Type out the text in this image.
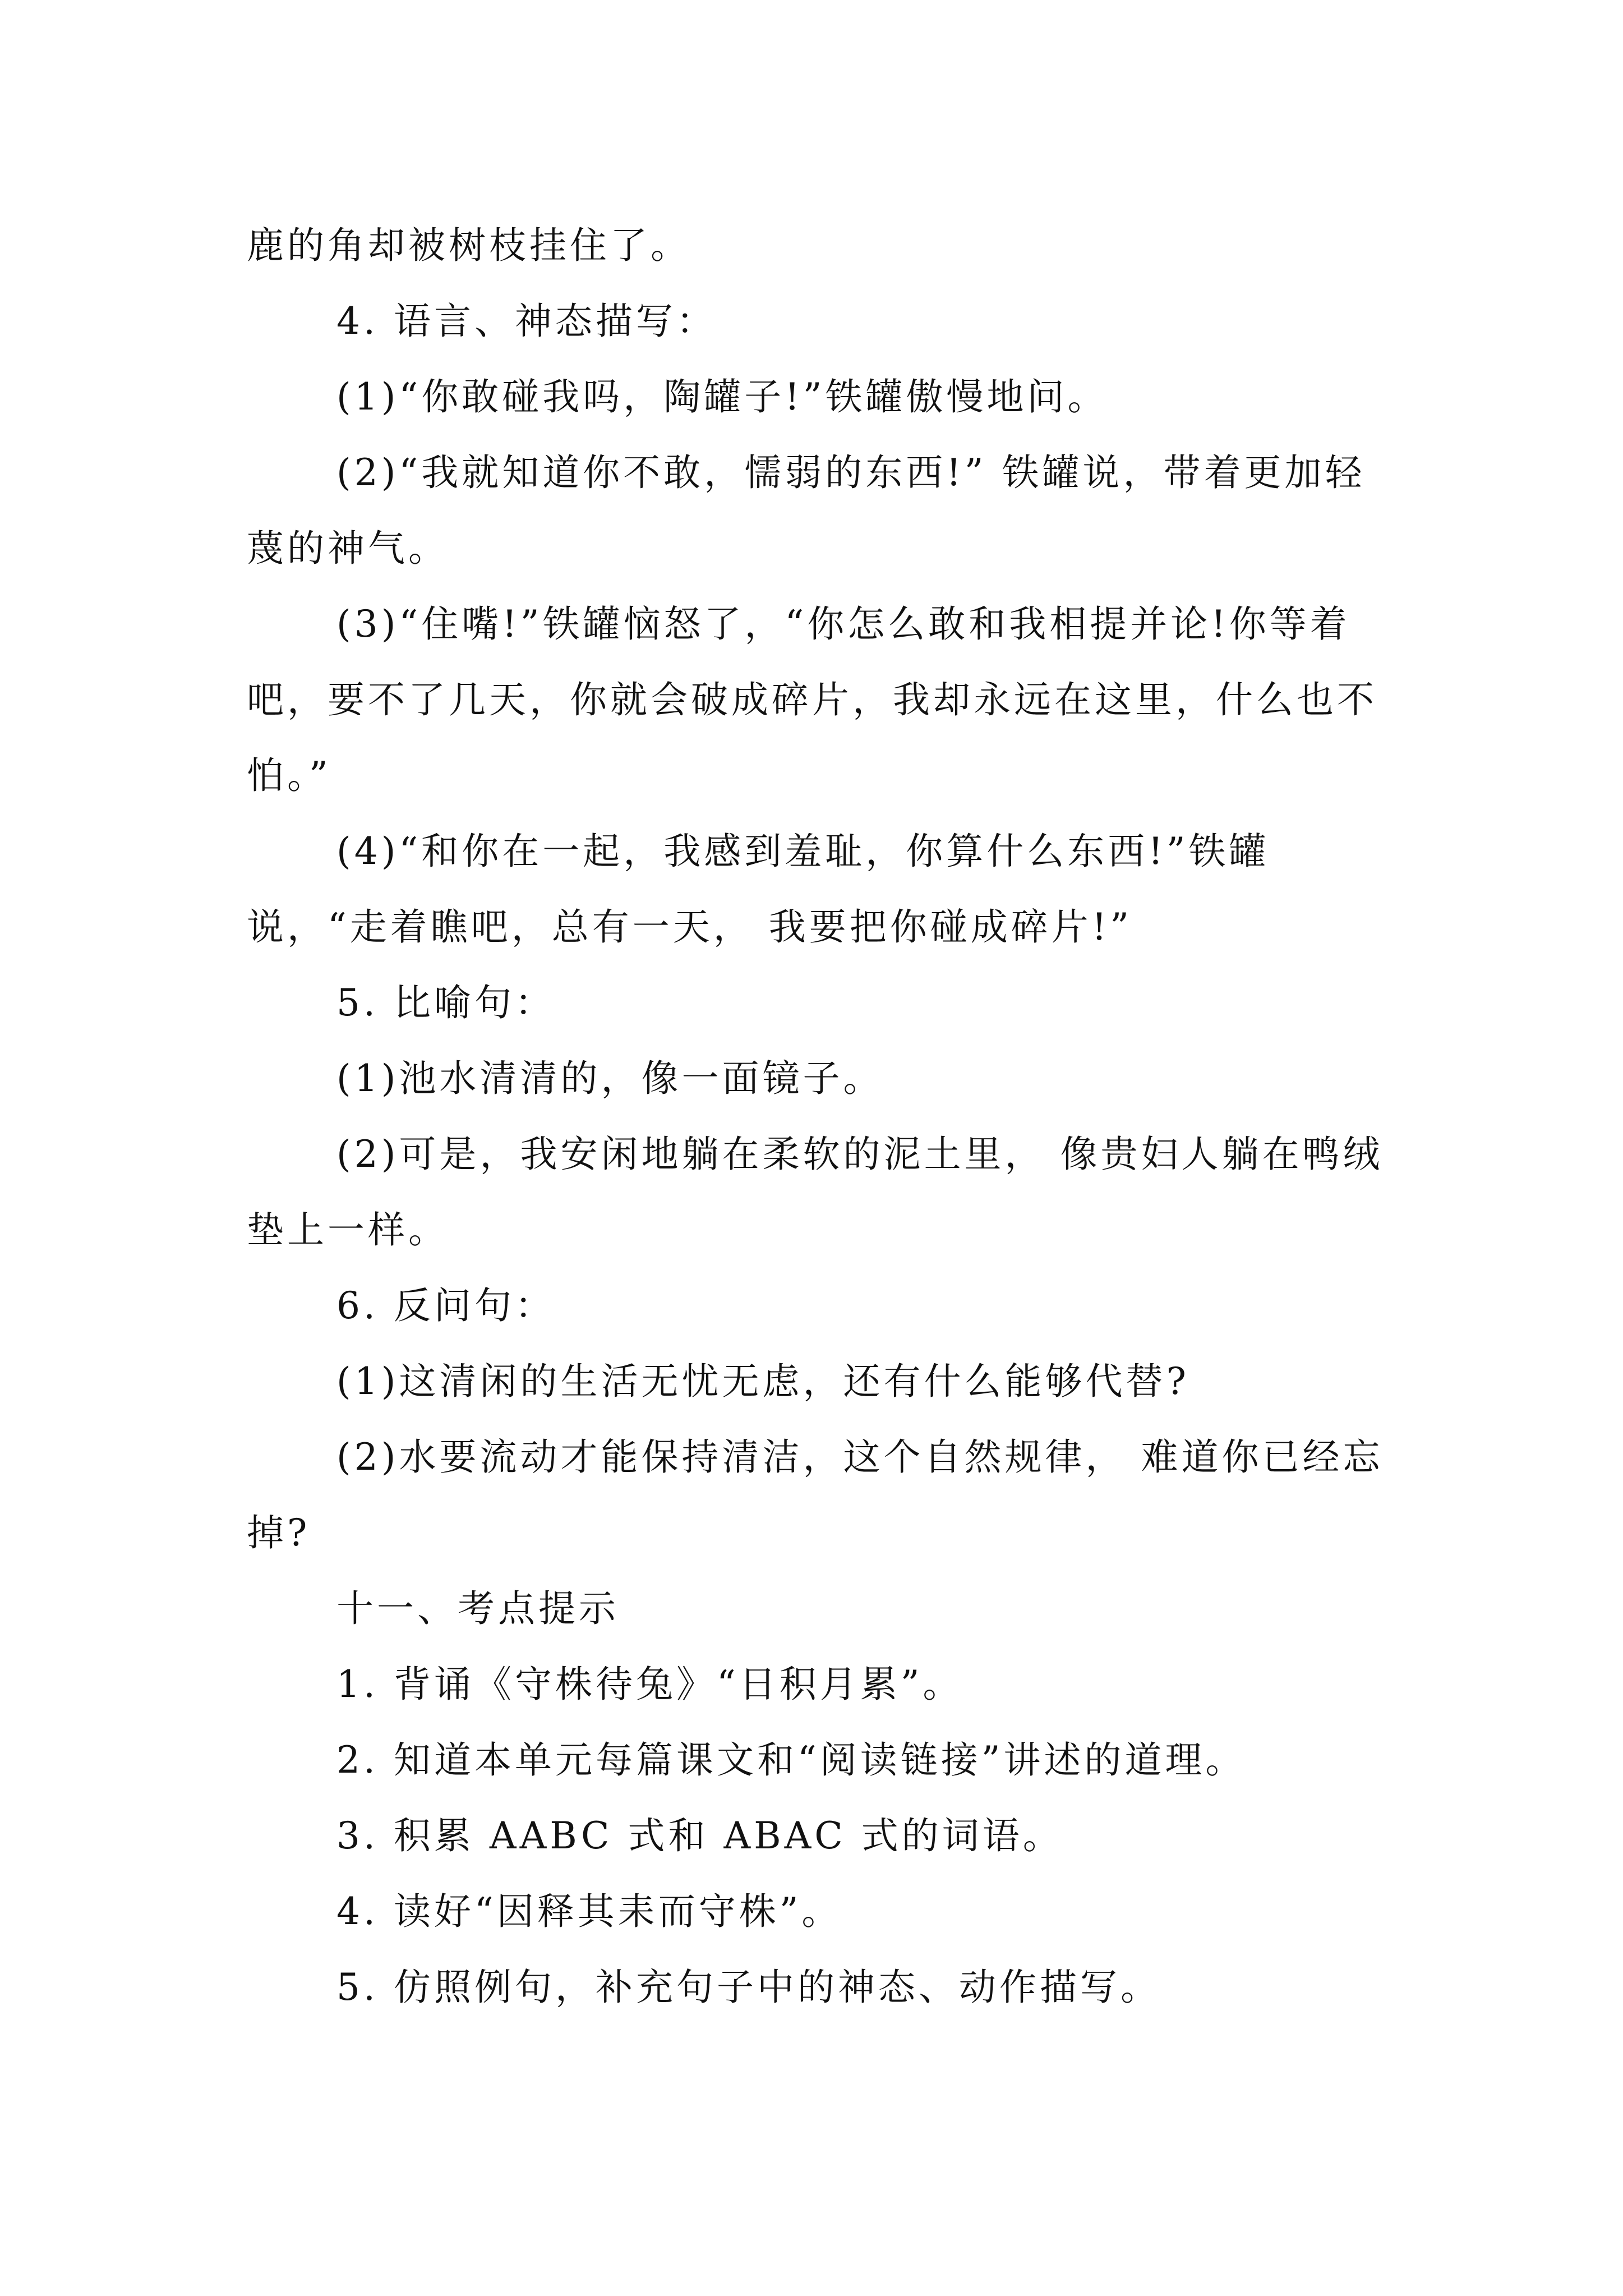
鹿的角却被树枝挂住了。

4. 语言、神态描写：

(1)“你敢碰我吗，陶罐子!”铁罐傲慢地问。

(2)“我就知道你不敢，懦弱的东西!” 铁罐说，带着更加轻蔑的神气。

(3)“住嘴!”铁罐恼怒了，“你怎么敢和我相提并论!你等着吧，要不了几天，你就会破成碎片，我却永远在这里，什么也不怕。”

(4)“和你在一起，我感到羞耻，你算什么东西!”铁罐说，“走着瞧吧，总有一天， 我要把你碰成碎片!”

5. 比喻句：

(1)池水清清的，像一面镜子。

(2)可是，我安闲地躺在柔软的泥土里， 像贵妇人躺在鸭绒垫上一样。

6. 反问句：

(1)这清闲的生活无忧无虑，还有什么能够代替?

(2)水要流动才能保持清洁，这个自然规律， 难道你已经忘掉?

十一、考点提示

1. 背诵《守株待兔》“日积月累”。

2. 知道本单元每篇课文和“阅读链接”讲述的道理。

3. 积累 AABC 式和 ABAC 式的词语。

4. 读好“因释其耒而守株”。

5. 仿照例句，补充句子中的神态、动作描写。
